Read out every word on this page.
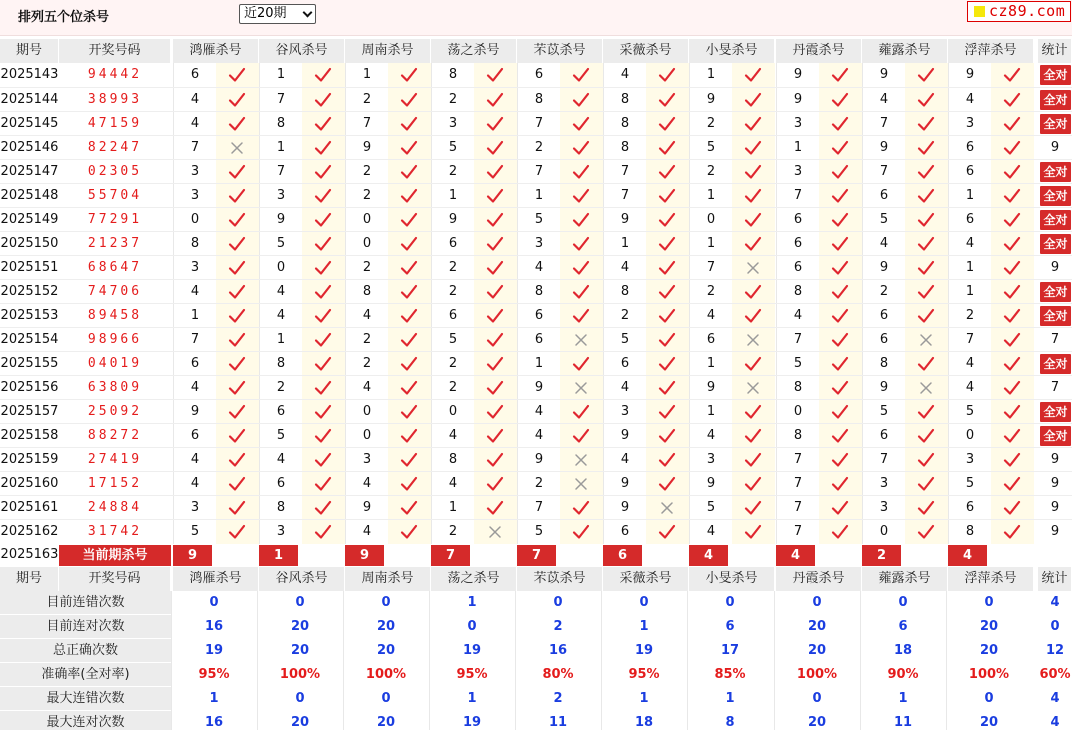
排列五个位杀号	近20期	cz89.com
期号	开奖号码	鸿雁杀号	谷风杀号	周南杀号	荡之杀号	芣苡杀号	采薇杀号	小旻杀号	丹霞杀号	蕹露杀号	浮萍杀号	统计
2025143	94442	6	1	1	8	6	4	1	9	9	9	全对
2025144	38993	4	7	2	2	8	8	9	9	4	4	全对
2025145	47159	4	8	7	3	7	8	2	3	7	3	全对
2025146	82247	7	1	9	5	2	8	5	1	9	6	9
2025147	02305	3	7	2	2	7	7	2	3	7	6	全对
2025148	55704	3	3	2	1	1	7	1	7	6	1	全对
2025149	77291	0	9	0	9	5	9	0	6	5	6	全对
2025150	21237	8	5	0	6	3	1	1	6	4	4	全对
2025151	68647	3	0	2	2	4	4	7	6	9	1	9
2025152	74706	4	4	8	2	8	8	2	8	2	1	全对
2025153	89458	1	4	4	6	6	2	4	4	6	2	全对
2025154	98966	7	1	2	5	6	5	6	7	6	7	7
2025155	04019	6	8	2	2	1	6	1	5	8	4	全对
2025156	63809	4	2	4	2	9	4	9	8	9	4	7
2025157	25092	9	6	0	0	4	3	1	0	5	5	全对
2025158	88272	6	5	0	4	4	9	4	8	6	0	全对
2025159	27419	4	4	3	8	9	4	3	7	7	3	9
2025160	17152	4	6	4	4	2	9	9	7	3	5	9
2025161	24884	3	8	9	1	7	9	5	7	3	6	9
2025162	31742	5	3	4	2	5	6	4	7	0	8	9
2025163	当前期杀号	9	1	9	7	7	6	4	4	2	4
期号	开奖号码	鸿雁杀号	谷风杀号	周南杀号	荡之杀号	芣苡杀号	采薇杀号	小旻杀号	丹霞杀号	蕹露杀号	浮萍杀号	统计
目前连错次数	0	0	0	1	0	0	0	0	0	0	4
目前连对次数	16	20	20	0	2	1	6	20	6	20	0
总正确次数	19	20	20	19	16	19	17	20	18	20	12
准确率(全对率)	95%	100%	100%	95%	80%	95%	85%	100%	90%	100%	60%
最大连错次数	1	0	0	1	2	1	1	0	1	0	4
最大连对次数	16	20	20	19	11	18	8	20	11	20	4
